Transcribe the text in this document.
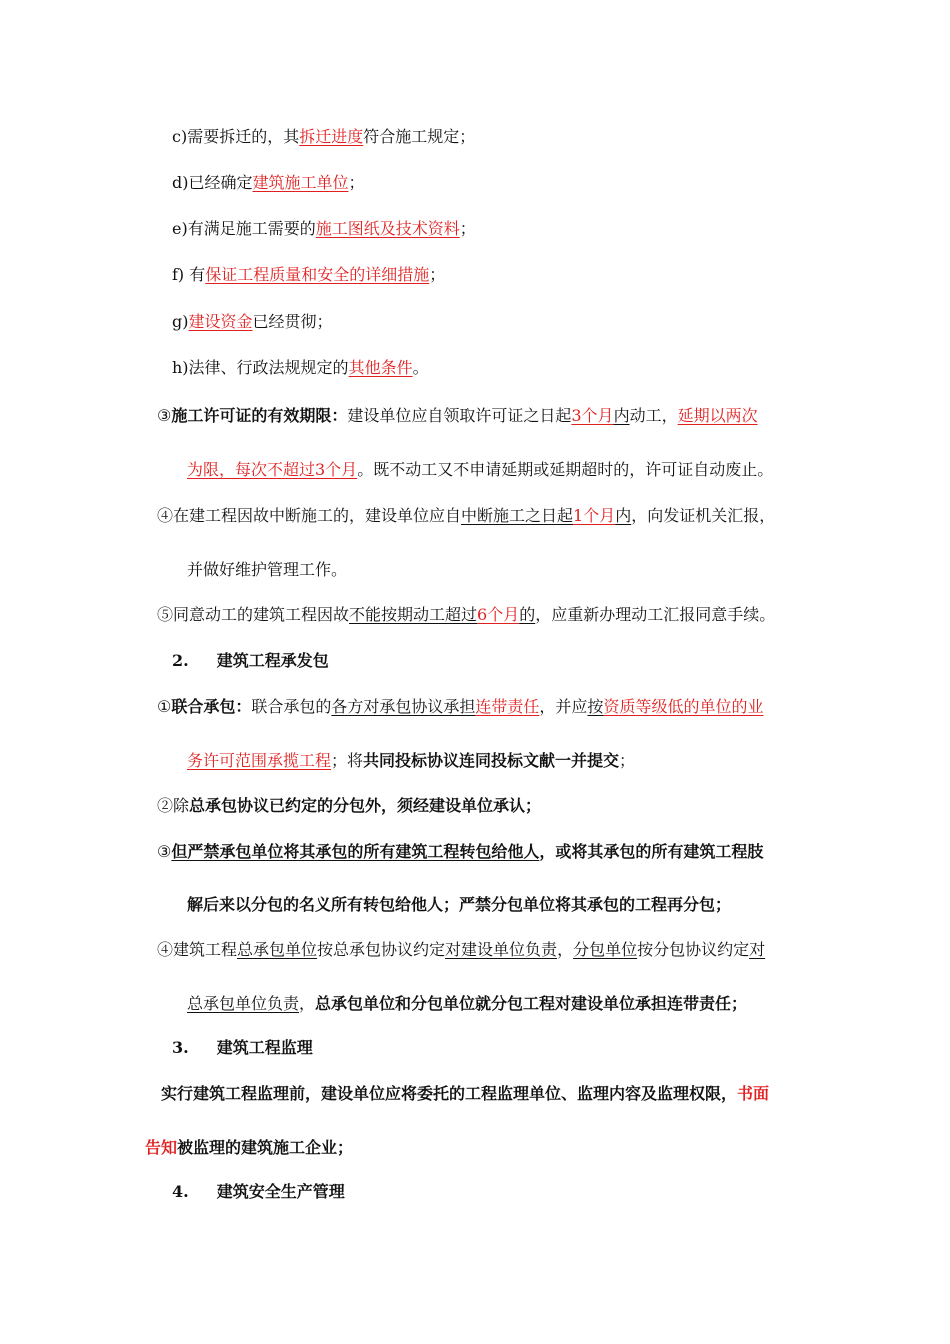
c)需要拆迁的，其拆迁进度符合施工规定；
d)已经确定建筑施工单位；
e)有满足施工需要的施工图纸及技术资料；
f) 有保证工程质量和安全的详细措施；
g)建设资金已经贯彻；
h)法律、行政法规规定的其他条件。
③施工许可证的有效期限：建设单位应自领取许可证之日起3个月内动工，延期以两次
为限，每次不超过3个月。既不动工又不申请延期或延期超时的，许可证自动废止。
④在建工程因故中断施工的，建设单位应自中断施工之日起1个月内，向发证机关汇报，
并做好维护管理工作。
⑤同意动工的建筑工程因故不能按期动工超过6个月的，应重新办理动工汇报同意手续。
2. 建筑工程承发包
①联合承包：联合承包的各方对承包协议承担连带责任，并应按资质等级低的单位的业
务许可范围承揽工程；将共同投标协议连同投标文献一并提交；
②除总承包协议已约定的分包外，须经建设单位承认；
③但严禁承包单位将其承包的所有建筑工程转包给他人，或将其承包的所有建筑工程肢
解后来以分包的名义所有转包给他人；严禁分包单位将其承包的工程再分包；
④建筑工程总承包单位按总承包协议约定对建设单位负责，分包单位按分包协议约定对
总承包单位负责，总承包单位和分包单位就分包工程对建设单位承担连带责任；
3. 建筑工程监理
实行建筑工程监理前，建设单位应将委托的工程监理单位、监理内容及监理权限，书面
告知被监理的建筑施工企业；
4. 建筑安全生产管理
